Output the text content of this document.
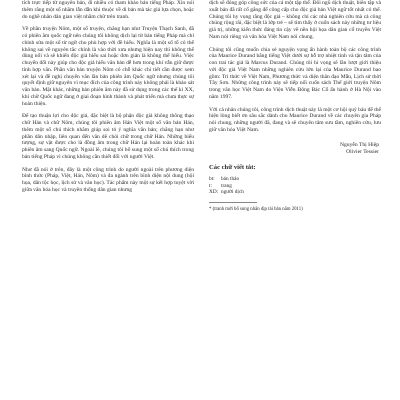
tích trực tiếp từ nguyên bản, đi nhiều có tham khảo bản tiếng Pháp. Xin nói thêm rằng một số nhầm lẫn dẫn khi thuộc về di bản mà tác giả lựa chọn, hoặc do nghề nhân dân gian việt nhầm chữ trên tranh.

Về phần truyện Nôm, một số truyện, chẳng hạn như Truyện Thạch Sanh, đã có phiên âm quốc ngữ nên chúng tôi không dịch lại từ bản tiếng Pháp mà chỉ chỉnh sửa một số từ ngữ cho phù hợp với đề hiểu. Nghĩa là một số tổ có thể không sai về nguyên tắc chính là vào thời xưa nhưng hiện nay thì không thể dùng nổi và sẽ khiến độc giả hiểu sai hoặc đơn giản là không thể hiểu. Việc chuyển đổi này giúp cho độc giả hiểu văn bản dễ hơn trong khi vẫn giữ được tính hợp văn. Phần văn bản truyện Nôm có chỗ khác chi tiết cần được xem xét lại và đề nghị chuyển văn lần bản phiên âm Quốc ngữ nhưng chúng tôi quyết định giữ nguyên vì mục đích của công trình này không phải là khảo sát văn bản. Mặt khác, những bản phiên âm này đã sử dụng trong các thế kỉ XX, khi chữ Quốc ngữ đang ở giai đoạn hình thành và phát triển mà chưa thực sự hoàn thiện.

Để tạo thuận lợi cho độc giả, đặc biệt là bộ phận độc giả không thông thạo chữ Hán và chữ Nôm, chúng tôi phiên âm Hán Việt một số văn bản Hán, thêm một số chú thích nhằm giúp soi tỏ ý nghĩa văn bản; chẳng hạn như phần dân nhập, liên quan đến văn dẽ chói chữ trong chữ Hán. Những biểu tượng, sự vật được cho là đồng âm trong chữ Hán lại hoàn toàn khác khi phiên âm sang Quốc ngữ. Ngoài lẽ, chúng tôi bổ sung một số chú thích trong bản tiếng Pháp vì chúng không cần thiết đối với người Việt.

Như đã nói ở trên, đây là một công trình do người ngoài trên phương diện bình thức (Pháp, Việt, Hán, Nôm) và đa ngành trên bình diện nội dung (hội họa, dân tộc học, lịch sử và văn học). Tác phẩm này một sự kết hợp tuyệt vời giữa văn hóa học và truyền thống dân gian nhưng

dịch sẽ đóng góp công sức của cả một tập thể. Đôi ngũ dịch thuật, biên tập và xuất bản đã rất cố gắng để công cấp cho độc giả bản Việt ngữ tốt nhất có thể. Chúng tôi hy vọng rằng độc giả – không chỉ các nhà nghiên cứu mà cả công chúng rộng rãi, đặc biệt là lớp trẻ – sẽ tìm thấy ở cuốn sách này những tư liệu giá trị, những kiến thức đáng tin cậy về nền hội họa dân gian cổ truyền Việt Nam nói riêng và văn hóa Việt Nam nói chung.

Chúng tôi cũng muốn chia sẻ nguyện vọng ấn hành toàn bộ các công trình của Maurice Durand bằng tiếng Việt dưới sự hỗ trợ nhiệt tình và tận tâm của con trai tác giả là Marcus Durand. Chúng tôi hi vọng sẽ lần lượt giới thiệu với độc giả Việt Nam những nghiên cứu lớn lại của Maurice Durand bao gồm: Tri thức về Việt Nam, Phương thức và diện thân đạo Mẫu, Lịch sử thời Tây Sơn. Những công trình này sẽ tiếp nối cuốn sách Thế giới truyện Nôm trong văn học Việt Nam do Viện Viễn Đông Bác Cổ ấn hành ở Hà Nội vào năm 1997.

Với cả nhân chúng tôi, công trình dịch thuật này là một cơ hội quý báu để thể hiện lòng biết ơn sâu sắc dành cho Maurice Durand về các chuyên gia Pháp nói chung, những người đã, đang và sẽ chuyên tâm sưu tầm, nghiên cứu, lưu giữ văn hóa Việt Nam.

Nguyễn Thị Hiệp
Olivier Tessier
Các chữ viết tắt:
bt:	bản thảo
t:	trang
XD: người dịch
* (tranh mới bổ sung nhân dịp tái bản năm 2011)
